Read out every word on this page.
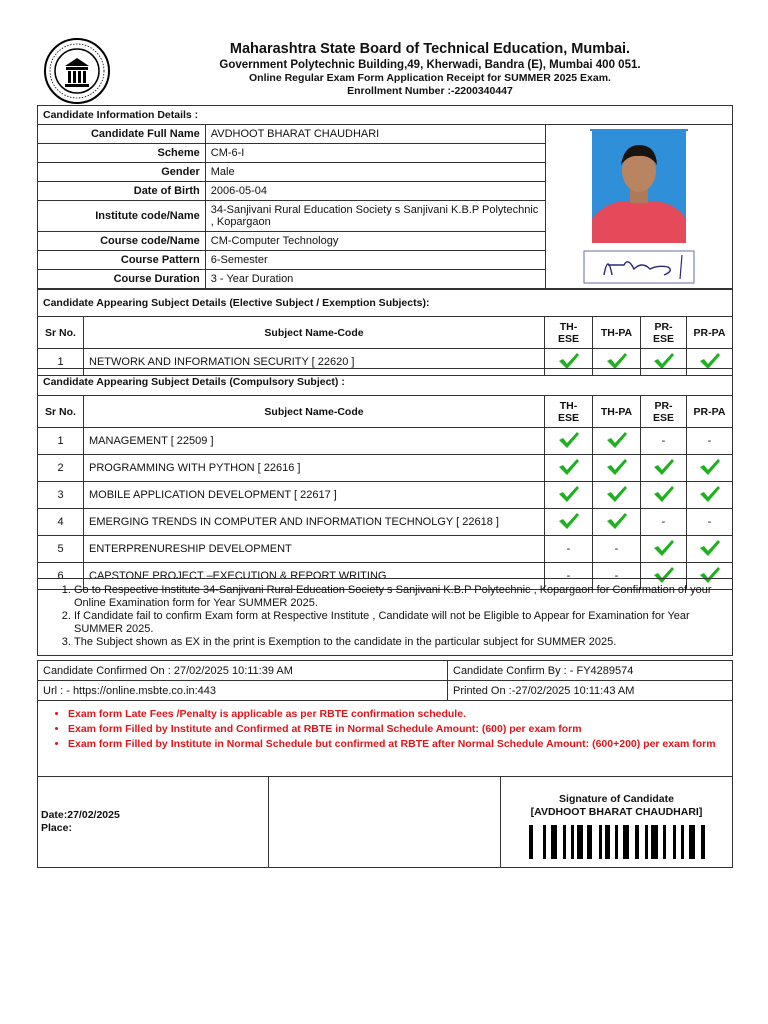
Maharashtra State Board of Technical Education, Mumbai.
Government Polytechnic Building,49, Kherwadi, Bandra (E), Mumbai 400 051.
Online Regular Exam Form Application Receipt for SUMMER 2025 Exam.
Enrollment Number :-2200340447
Candidate Information Details :		
Candidate Full Name	AVDHOOT BHARAT CHAUDHARI	

Scheme	CM-6-I	
Gender	Male	
Date of Birth	2006-05-04	
Institute code/Name	34-Sanjivani Rural Education Society s Sanjivani K.B.P Polytechnic , Kopargaon	
Course code/Name	CM-Computer Technology	
Course Pattern	6-Semester	
Course Duration	3 - Year Duration	
Candidate Appearing Subject Details (Elective Subject / Exemption Subjects):					
Sr No.	Subject Name-Code	TH-ESE	TH-PA	PR-ESE	PR-PA
1	NETWORK AND INFORMATION SECURITY [ 22620 ]				
Candidate Appearing Subject Details (Compulsory Subject) :					
Sr No.	Subject Name-Code	TH-ESE	TH-PA	PR-ESE	PR-PA
1	MANAGEMENT [ 22509 ]			-	-
2	PROGRAMMING WITH PYTHON [ 22616 ]				
3	MOBILE APPLICATION DEVELOPMENT [ 22617 ]				
4	EMERGING TRENDS IN COMPUTER AND INFORMATION TECHNOLGY [ 22618 ]			-	-
5	ENTERPRENURESHIP DEVELOPMENT	-	-		
6	CAPSTONE PROJECT –EXECUTION & REPORT WRITING	-	-		
1. Go to Respective Institute 34-Sanjivani Rural Education Society s Sanjivani K.B.P Polytechnic , Kopargaon for Confirmation of your Online Examination form for Year SUMMER 2025.
2. If Candidate fail to confirm Exam form at Respective Institute , Candidate will not be Eligible to Appear for Examination for Year SUMMER 2025.
3. The Subject shown as EX in the print is Exemption to the candidate in the particular subject for SUMMER 2025.
Candidate Confirmed On : 27/02/2025 10:11:39 AM	Candidate Confirm By : - FY4289574
Url : - https://online.msbte.co.in:443	Printed On :-27/02/2025 10:11:43 AM
• Exam form Late Fees /Penalty is applicable as per RBTE confirmation schedule.
• Exam form Filled by Institute and Confirmed at RBTE in Normal Schedule Amount: (600) per exam form
• Exam form Filled by Institute in Normal Schedule but confirmed at RBTE after Normal Schedule Amount: (600+200) per exam form
Date:27/02/2025
Place:

Signature of Candidate
[AVDHOOT BHARAT CHAUDHARI]
